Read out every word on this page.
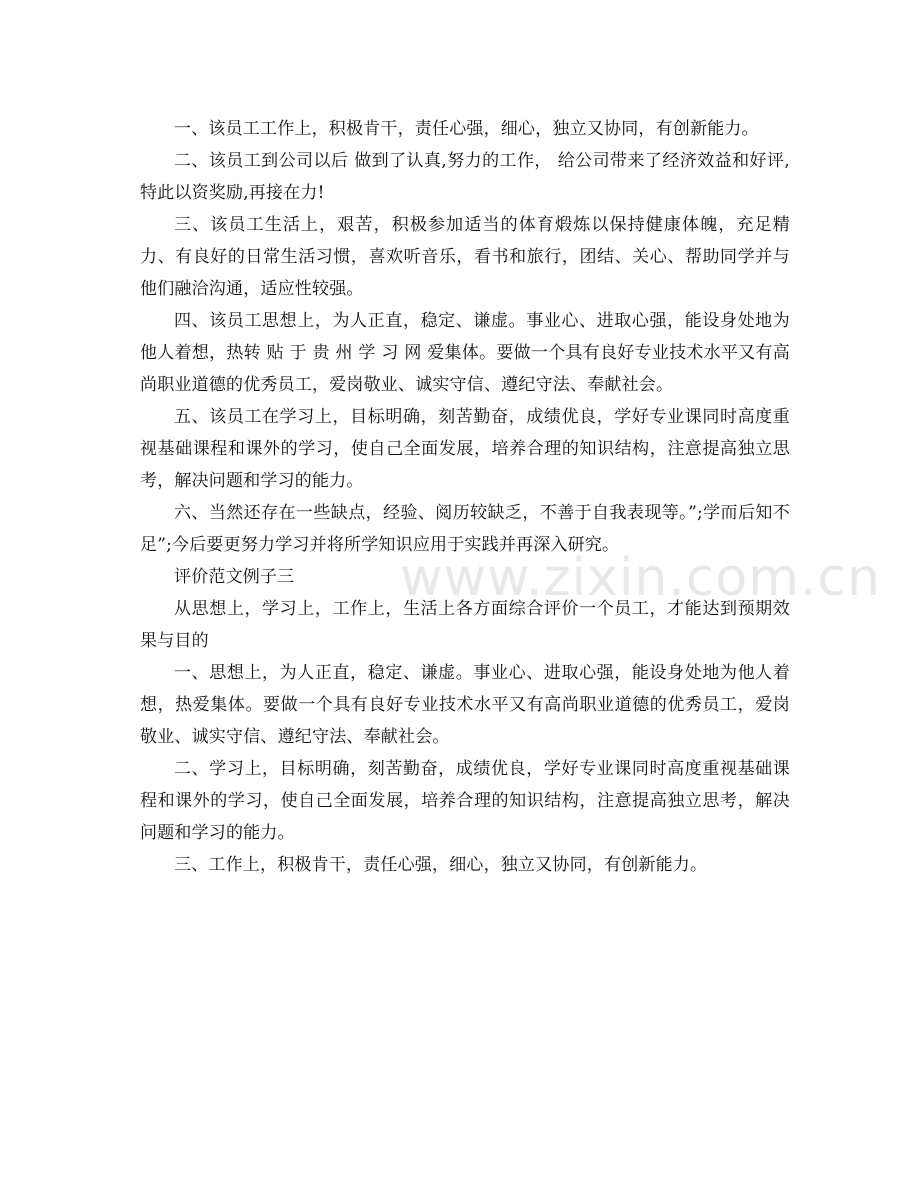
一、该员工工作上，积极肯干，责任心强，细心，独立又协同，有创新能力。

二、该员工到公司以后 做到了认真,努力的工作， 给公司带来了经济效益和好评,特此以资奖励,再接在力!

三、该员工生活上，艰苦，积极参加适当的体育煅炼以保持健康体魄，充足精力、有良好的日常生活习惯，喜欢听音乐，看书和旅行，团结、关心、帮助同学并与他们融洽沟通，适应性较强。

四、该员工思想上，为人正直，稳定、谦虚。事业心、进取心强，能设身处地为他人着想，热转 贴 于 贵 州 学 习 网 爱集体。要做一个具有良好专业技术水平又有高尚职业道德的优秀员工，爱岗敬业、诚实守信、遵纪守法、奉献社会。

五、该员工在学习上，目标明确，刻苦勤奋，成绩优良，学好专业课同时高度重视基础课程和课外的学习，使自己全面发展，培养合理的知识结构，注意提高独立思考，解决问题和学习的能力。

六、当然还存在一些缺点，经验、阅历较缺乏，不善于自我表现等。”;学而后知不足”;今后要更努力学习并将所学知识应用于实践并再深入研究。

评价范文例子三

从思想上，学习上，工作上，生活上各方面综合评价一个员工，才能达到预期效果与目的

一、思想上，为人正直，稳定、谦虚。事业心、进取心强，能设身处地为他人着想，热爱集体。要做一个具有良好专业技术水平又有高尚职业道德的优秀员工，爱岗敬业、诚实守信、遵纪守法、奉献社会。

二、学习上，目标明确，刻苦勤奋，成绩优良，学好专业课同时高度重视基础课程和课外的学习，使自己全面发展，培养合理的知识结构，注意提高独立思考，解决问题和学习的能力。

三、工作上，积极肯干，责任心强，细心，独立又协同，有创新能力。

www.zixin.com.cn
